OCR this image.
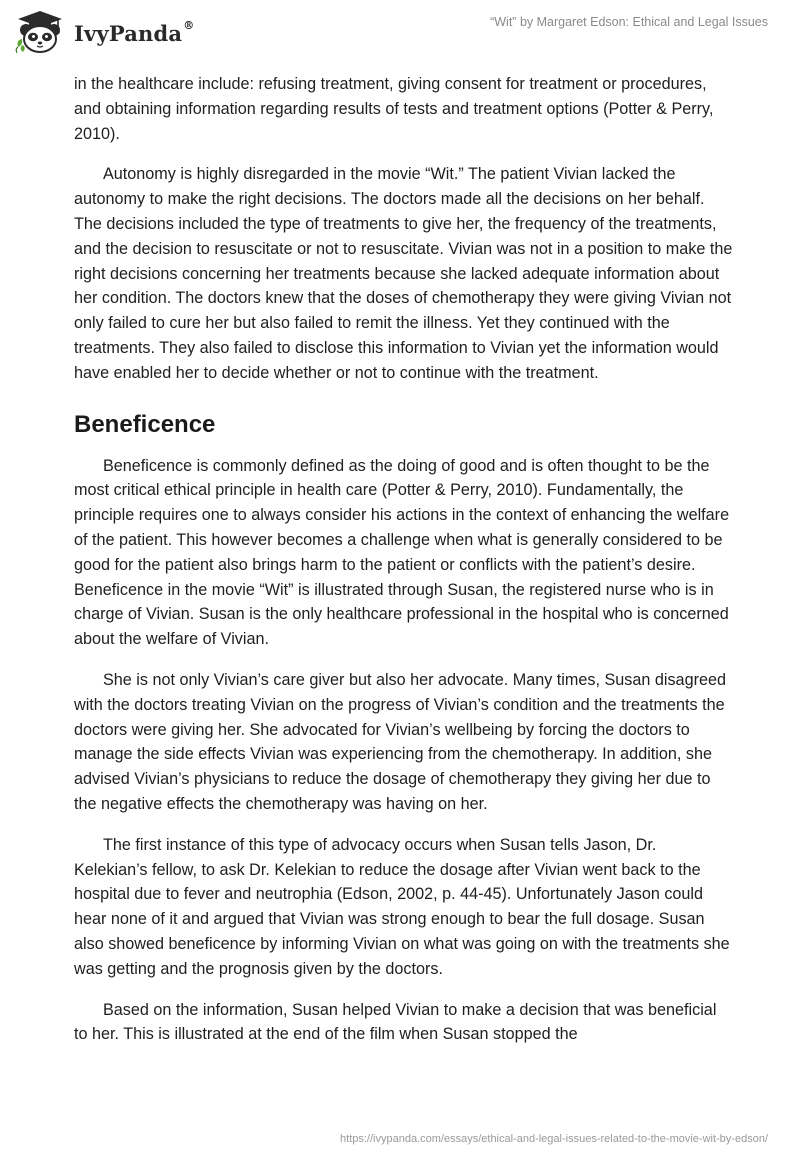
IvyPanda®	“Wit” by Margaret Edson: Ethical and Legal Issues

in the healthcare include: refusing treatment, giving consent for treatment or procedures, and obtaining information regarding results of tests and treatment options (Potter & Perry, 2010).

Autonomy is highly disregarded in the movie “Wit.” The patient Vivian lacked the autonomy to make the right decisions. The doctors made all the decisions on her behalf. The decisions included the type of treatments to give her, the frequency of the treatments, and the decision to resuscitate or not to resuscitate. Vivian was not in a position to make the right decisions concerning her treatments because she lacked adequate information about her condition. The doctors knew that the doses of chemotherapy they were giving Vivian not only failed to cure her but also failed to remit the illness. Yet they continued with the treatments. They also failed to disclose this information to Vivian yet the information would have enabled her to decide whether or not to continue with the treatment.

Beneficence

Beneficence is commonly defined as the doing of good and is often thought to be the most critical ethical principle in health care (Potter & Perry, 2010). Fundamentally, the principle requires one to always consider his actions in the context of enhancing the welfare of the patient. This however becomes a challenge when what is generally considered to be good for the patient also brings harm to the patient or conflicts with the patient’s desire. Beneficence in the movie “Wit” is illustrated through Susan, the registered nurse who is in charge of Vivian. Susan is the only healthcare professional in the hospital who is concerned about the welfare of Vivian.

She is not only Vivian’s care giver but also her advocate. Many times, Susan disagreed with the doctors treating Vivian on the progress of Vivian’s condition and the treatments the doctors were giving her. She advocated for Vivian’s wellbeing by forcing the doctors to manage the side effects Vivian was experiencing from the chemotherapy. In addition, she advised Vivian’s physicians to reduce the dosage of chemotherapy they giving her due to the negative effects the chemotherapy was having on her.

The first instance of this type of advocacy occurs when Susan tells Jason, Dr. Kelekian’s fellow, to ask Dr. Kelekian to reduce the dosage after Vivian went back to the hospital due to fever and neutrophia (Edson, 2002, p. 44-45). Unfortunately Jason could hear none of it and argued that Vivian was strong enough to bear the full dosage. Susan also showed beneficence by informing Vivian on what was going on with the treatments she was getting and the prognosis given by the doctors.

Based on the information, Susan helped Vivian to make a decision that was beneficial to her. This is illustrated at the end of the film when Susan stopped the

https://ivypanda.com/essays/ethical-and-legal-issues-related-to-the-movie-wit-by-edson/
